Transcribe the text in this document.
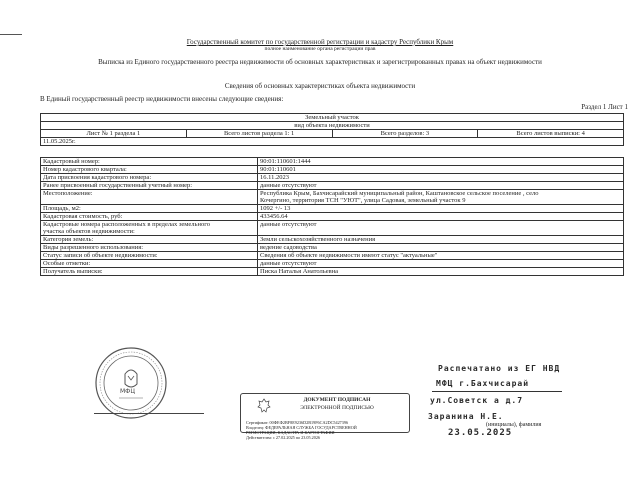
Государственный комитет по государственной регистрации и кадастру Республики Крым
полное наименование органа регистрации прав
Выписка из Единого государственного реестра недвижимости об основных характеристиках и зарегистрированных правах на объект недвижимости
Сведения об основных характеристиках объекта недвижимости
В Единый государственный реестр недвижимости внесены следующие сведения:
Раздел 1 Лист 1
Земельный участок
вид объекта недвижимости
Лист № 1 раздела 1	Всего листов раздела 1: 1	Всего разделов: 3	Всего листов выписки: 4
11.05.2025г.
Кадастровый номер:	90:01:110601:1444
Номер кадастрового квартала:	90:01:110601
Дата присвоения кадастрового номера:	16.11.2023
Ранее присвоенный государственный учетный номер:	данные отсутствуют
Местоположение:	Республика Крым, Бахчисарайский муниципальный район, Каштановское сельское поселение , село
Кочергино, территория ТСН "УЮТ", улица Садовая, земельный участок 9

Площадь, м2:	1092 +/- 13
Кадастровая стоимость, руб:	433456.64

Кадастровые номера расположенных в пределах земельного
участка объектов недвижимости:	данные отсутствуют
Категория земель:	Земли сельскохозяйственного назначения
Виды разрешенного использования:	ведение садоводства
Статус записи об объекте недвижимости:	Сведения об объекте недвижимости имеют статус "актуальные"
Особые отметки:	данные отсутствуют
Получатель выписки:	Писка Наталья Анатольевна
МФЦ
ДОКУМЕНТ ПОДПИСАН
ЭЛЕКТРОННОЙ ПОДПИСЬЮ
Сертификат: 00ФЕФ2BF8E9236D2B19F6CA2DC5427396
Владелец: ФЕДЕРАЛЬНАЯ СЛУЖБА ГОСУДАРСТВЕННОЙ
РЕГИСТРАЦИИ, КАДАСТРА И КАРТОГРАФИИ
Действителен: с 27.02.2025 по 23.05.2026
Распечатано из ЕГ НВД
МФЦ г.Бахчисарай
ул.Советск а д.7
Заранина Н.Е.
(инициалы), фамилия
23.05.2025
